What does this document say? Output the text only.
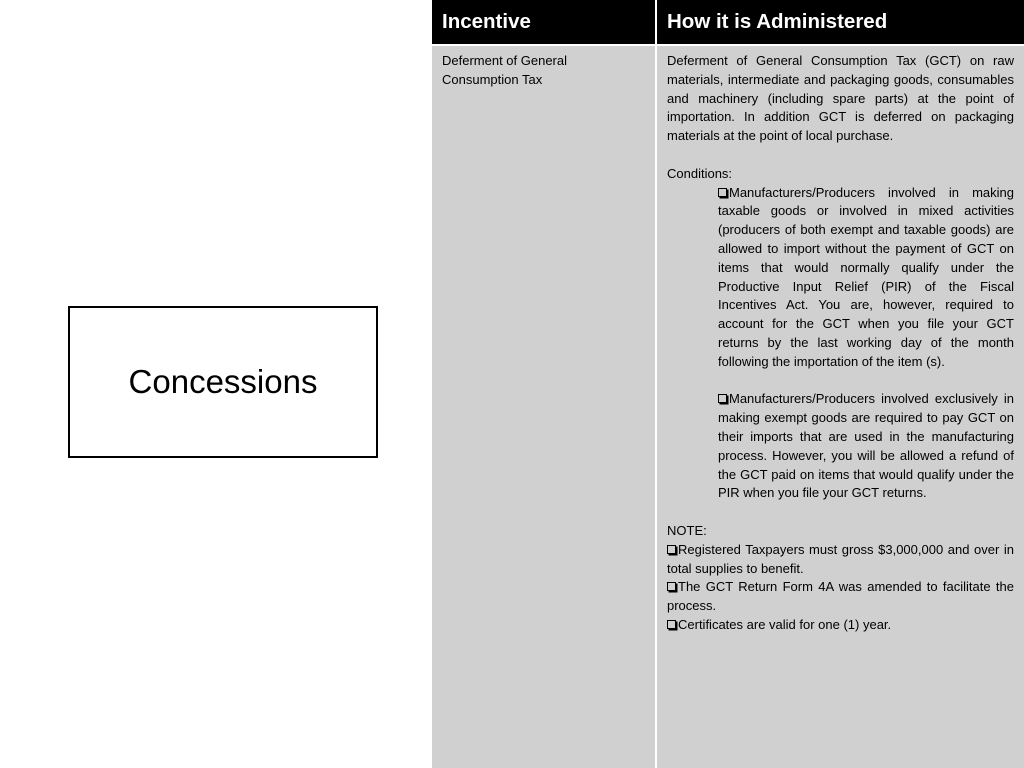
Concessions
Incentive	How it is Administered

Deferment of General Consumption Tax

Deferment of General Consumption Tax (GCT) on raw materials, intermediate and packaging goods, consumables and machinery (including spare parts) at the point of importation. In addition GCT is deferred on packaging materials at the point of local purchase.

Conditions:

Manufacturers/Producers involved in making taxable goods or involved in mixed activities (producers of both exempt and taxable goods) are allowed to import without the payment of GCT on items that would normally qualify under the Productive Input Relief (PIR) of the Fiscal Incentives Act. You are, however, required to account for the GCT when you file your GCT returns by the last working day of the month following the importation of the item (s).

Manufacturers/Producers involved exclusively in making exempt goods are required to pay GCT on their imports that are used in the manufacturing process. However, you will be allowed a refund of the GCT paid on items that would qualify under the PIR when you file your GCT returns.

NOTE:

Registered Taxpayers must gross $3,000,000 and over in total supplies to benefit.

The GCT Return Form 4A was amended to facilitate the process.

Certificates are valid for one (1) year.
